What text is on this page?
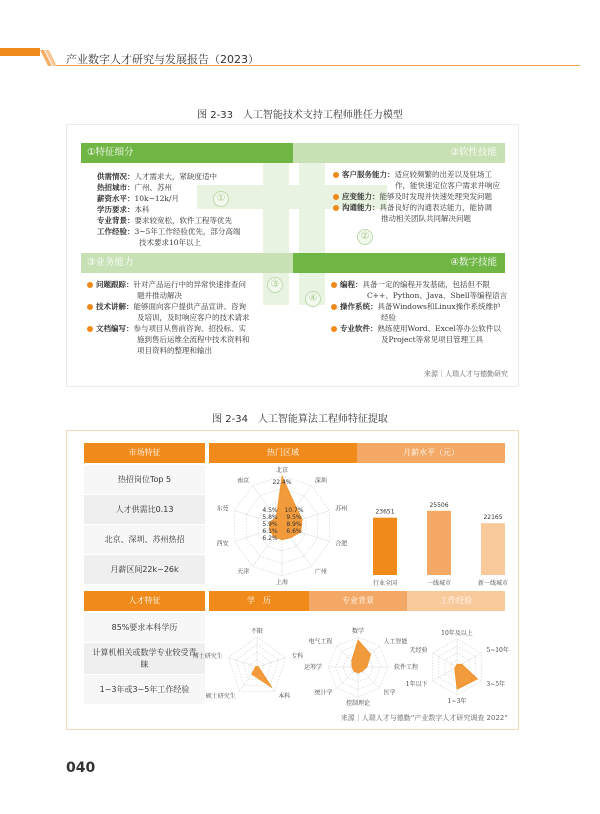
产业数字人才研究与发展报告（2023）
图 2-33　人工智能技术支持工程师胜任力模型
①特征细分	②软性技能
③业务能力	④数字技能
①
②
③
④
供需情况：人才需求大，紧缺度适中
热招城市：广州、苏州
薪资水平：10k~12k/月
学历要求：本科
专业背景：要求较宽松，软件工程等优先
工作经验：3~5年工作经验优先，部分高端
技术要求10年以上
客户服务能力：适应较频繁的出差以及驻场工
作，能快速定位客户需求并响应
应变能力：能够及时发现并快速处理突发问题
沟通能力：具备良好的沟通表达能力，能协调
推动相关团队共同解决问题
问题跟踪：针对产品运行中的异常快速排查问
题并推动解决
技术讲解：能够面向客户提供产品宣讲、咨询
及培训，及时响应客户的技术请求
文档编写：参与项目从售前咨询、招投标、实
施到售后运维全流程中技术资料和
项目资料的整理和输出
编程：具备一定的编程开发基础，包括但不限
C++、Python、Java、Shell等编程语言
操作系统：具备Windows和Linux操作系统维护
经验
专业软件：熟练使用Word、Excel等办公软件以
及Project等常见项目管理工具
来源｜人瑞人才与德勤研究
图 2-34　人工智能算法工程师特征提取
市场特征
热招岗位Top 5
人才供需比0.13
北京、深圳、苏州热招
月薪区间22k~26k
人才特征
85%要求本科学历
计算机相关或数学专业较受青睐
1~3年或3~5年工作经验
热门区域	月薪水平（元）
学　历	专业背景	工作经验
北京
深圳
苏州
合肥
广州
上海
天津
西安
东莞
南京	22.4%
10.7%
9.5%
8.9%
6.6%
6.2%
6.1%
5.9%
5.8%
4.5%	23651
行业全国
25506
一线城市
22165
新一线城市
不限
专科
本科
硕士研究生
博士研究生
数学
人工智能
软件工程
医学
控制理论
统计学
运筹学
电气工程
10年及以上
5~10年
3~5年
1~3年
1年以下
无经验
来源｜人瑞人才与德勤“产业数字人才研究调查 2022”
040
